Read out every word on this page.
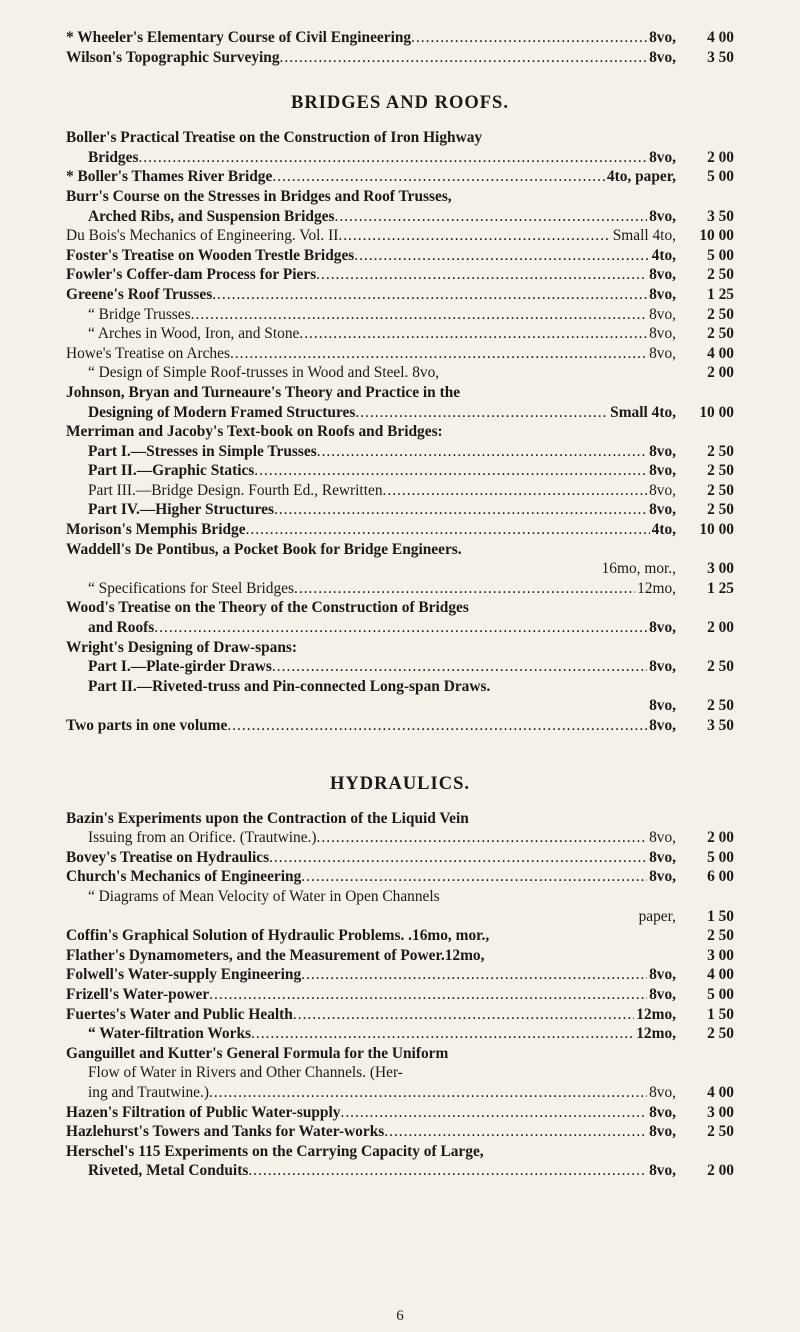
* Wheeler's Elementary Course of Civil Engineering .....	8vo,	4 00
Wilson's Topographic Surveying .....	8vo,	3 50
BRIDGES AND ROOFS.
Boller's Practical Treatise on the Construction of Iron Highway
Bridges .....	8vo,	2 00
* Boller's Thames River Bridge .....	4to, paper,	5 00
Burr's Course on the Stresses in Bridges and Roof Trusses,
Arched Ribs, and Suspension Bridges .....	8vo,	3 50
Du Bois's Mechanics of Engineering. Vol. II .....	Small 4to,	10 00
Foster's Treatise on Wooden Trestle Bridges .....	4to,	5 00
Fowler's Coffer-dam Process for Piers .....	8vo,	2 50
Greene's Roof Trusses .....	8vo,	1 25
“ Bridge Trusses .....	8vo,	2 50
“ Arches in Wood, Iron, and Stone .....	8vo,	2 50
Howe's Treatise on Arches .....	8vo,	4 00
“ Design of Simple Roof-trusses in Wood and Steel. 8vo,	2 00
Johnson, Bryan and Turneaure's Theory and Practice in the
Designing of Modern Framed Structures .....	Small 4to,	10 00
Merriman and Jacoby's Text-book on Roofs and Bridges:
Part I.—Stresses in Simple Trusses .....	8vo,	2 50
Part II.—Graphic Statics .....	8vo,	2 50
Part III.—Bridge Design. Fourth Ed., Rewritten .....	8vo,	2 50
Part IV.—Higher Structures .....	8vo,	2 50
Morison's Memphis Bridge .....	4to,	10 00
Waddell's De Pontibus, a Pocket Book for Bridge Engineers.
16mo, mor.,	3 00
“ Specifications for Steel Bridges .....	12mo,	1 25
Wood's Treatise on the Theory of the Construction of Bridges
and Roofs .....	8vo,	2 00
Wright's Designing of Draw-spans:
Part I.—Plate-girder Draws .....	8vo,	2 50
Part II.—Riveted-truss and Pin-connected Long-span Draws.
8vo,	2 50
Two parts in one volume .....	8vo,	3 50
HYDRAULICS.
Bazin's Experiments upon the Contraction of the Liquid Vein
Issuing from an Orifice. (Trautwine.) .....	8vo,	2 00
Bovey's Treatise on Hydraulics .....	8vo,	5 00
Church's Mechanics of Engineering .....	8vo,	6 00
“ Diagrams of Mean Velocity of Water in Open Channels
paper,	1 50
Coffin's Graphical Solution of Hydraulic Problems. .16mo, mor.,	2 50
Flather's Dynamometers, and the Measurement of Power.12mo,	3 00
Folwell's Water-supply Engineering .....	8vo,	4 00
Frizell's Water-power .....	8vo,	5 00
Fuertes's Water and Public Health .....	12mo,	1 50
“ Water-filtration Works .....	12mo,	2 50
Ganguillet and Kutter's General Formula for the Uniform
Flow of Water in Rivers and Other Channels. (Her-
ing and Trautwine.) .....	8vo,	4 00
Hazen's Filtration of Public Water-supply .....	8vo,	3 00
Hazlehurst's Towers and Tanks for Water-works .....	8vo,	2 50
Herschel's 115 Experiments on the Carrying Capacity of Large,
Riveted, Metal Conduits .....	8vo,	2 00
6
